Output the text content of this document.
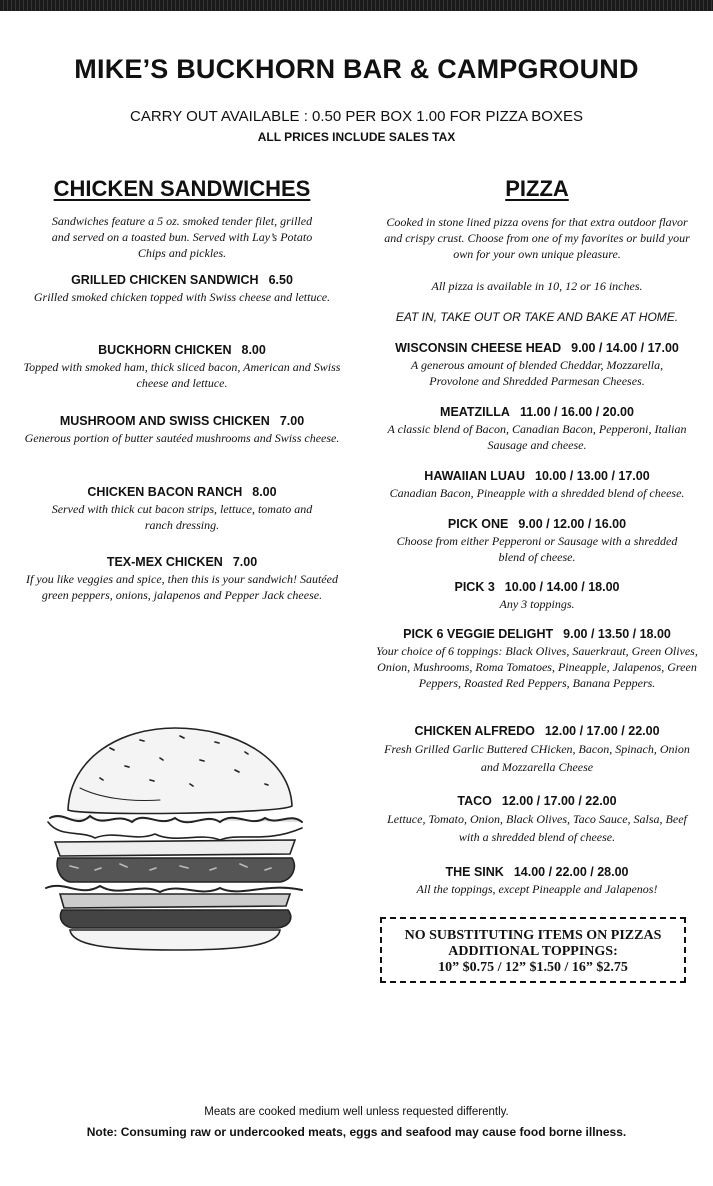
MIKE’S BUCKHORN BAR & CAMPGROUND
CARRY OUT AVAILABLE : 0.50 PER BOX 1.00 FOR PIZZA BOXES
ALL PRICES INCLUDE SALES TAX
CHICKEN SANDWICHES
Sandwiches feature a 5 oz. smoked tender filet, grilled and served on a toasted bun. Served with Lay’s Potato Chips and pickles.
GRILLED CHICKEN SANDWICH 6.50
Grilled smoked chicken topped with Swiss cheese and lettuce.
BUCKHORN CHICKEN 8.00
Topped with smoked ham, thick sliced bacon, American and Swiss cheese and lettuce.
MUSHROOM AND SWISS CHICKEN 7.00
Generous portion of butter sautéed mushrooms and Swiss cheese.
CHICKEN BACON RANCH 8.00
Served with thick cut bacon strips, lettuce, tomato and ranch dressing.
TEX-MEX CHICKEN 7.00
If you like veggies and spice, then this is your sandwich! Sautéed green peppers, onions, jalapenos and Pepper Jack cheese.
PIZZA
Cooked in stone lined pizza ovens for that extra outdoor flavor and crispy crust. Choose from one of my favorites or build your own for your own unique pleasure.
All pizza is available in 10, 12 or 16 inches.
EAT IN, TAKE OUT OR TAKE AND BAKE AT HOME.
WISCONSIN CHEESE HEAD 9.00 / 14.00 / 17.00
A generous amount of blended Cheddar, Mozzarella, Provolone and Shredded Parmesan Cheeses.
MEATZILLA 11.00 / 16.00 / 20.00
A classic blend of Bacon, Canadian Bacon, Pepperoni, Italian Sausage and cheese.
HAWAIIAN LUAU 10.00 / 13.00 / 17.00
Canadian Bacon, Pineapple with a shredded blend of cheese.
PICK ONE 9.00 / 12.00 / 16.00
Choose from either Pepperoni or Sausage with a shredded blend of cheese.
PICK 3 10.00 / 14.00 / 18.00
Any 3 toppings.
PICK 6 VEGGIE DELIGHT 9.00 / 13.50 / 18.00
Your choice of 6 toppings: Black Olives, Sauerkraut, Green Olives, Onion, Mushrooms, Roma Tomatoes, Pineapple, Jalapenos, Green Peppers, Roasted Red Peppers, Banana Peppers.
CHICKEN ALFREDO 12.00 / 17.00 / 22.00
Fresh Grilled Garlic Buttered CHicken, Bacon, Spinach, Onion and Mozzarella Cheese
TACO 12.00 / 17.00 / 22.00
Lettuce, Tomato, Onion, Black Olives, Taco Sauce, Salsa, Beef with a shredded blend of cheese.
THE SINK 14.00 / 22.00 / 28.00
All the toppings, except Pineapple and Jalapenos!
NO SUBSTITUTING ITEMS ON PIZZAS
ADDITIONAL TOPPINGS:
10” $0.75 / 12” $1.50 / 16” $2.75
Meats are cooked medium well unless requested differently.
Note: Consuming raw or undercooked meats, eggs and seafood may cause food borne illness.
